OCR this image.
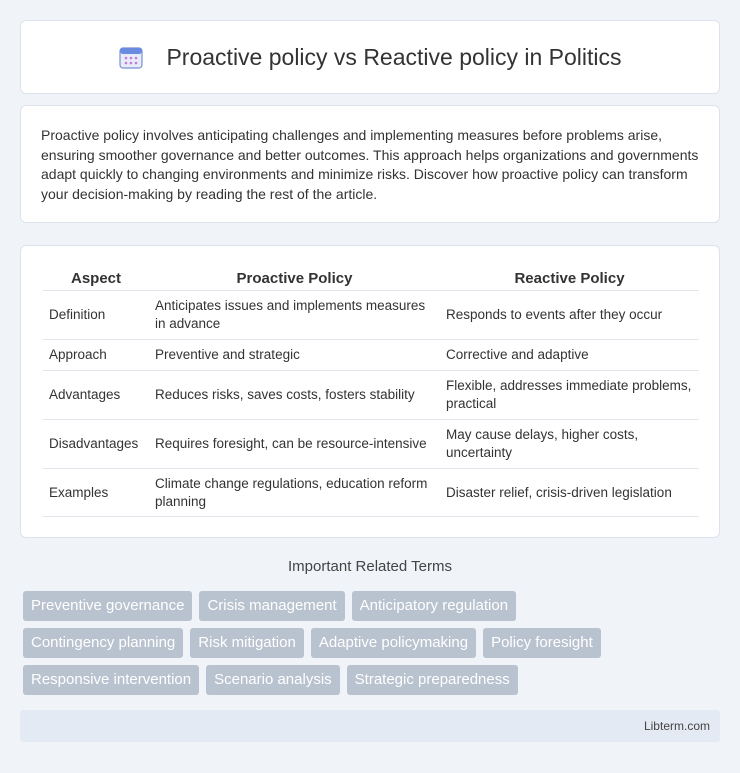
Proactive policy vs Reactive policy in Politics

Proactive policy involves anticipating challenges and implementing measures before problems arise, ensuring smoother governance and better outcomes. This approach helps organizations and governments adapt quickly to changing environments and minimize risks. Discover how proactive policy can transform your decision-making by reading the rest of the article.

Aspect	Proactive Policy	Reactive Policy
Definition	Anticipates issues and implements measures in advance	Responds to events after they occur
Approach	Preventive and strategic	Corrective and adaptive
Advantages	Reduces risks, saves costs, fosters stability	Flexible, addresses immediate problems, practical
Disadvantages	Requires foresight, can be resource-intensive	May cause delays, higher costs, uncertainty
Examples	Climate change regulations, education reform planning	Disaster relief, crisis-driven legislation
Important Related Terms
Preventive governance	Crisis management	Anticipatory regulation
Contingency planning	Risk mitigation	Adaptive policymaking	Policy foresight
Responsive intervention	Scenario analysis	Strategic preparedness
Libterm.com
